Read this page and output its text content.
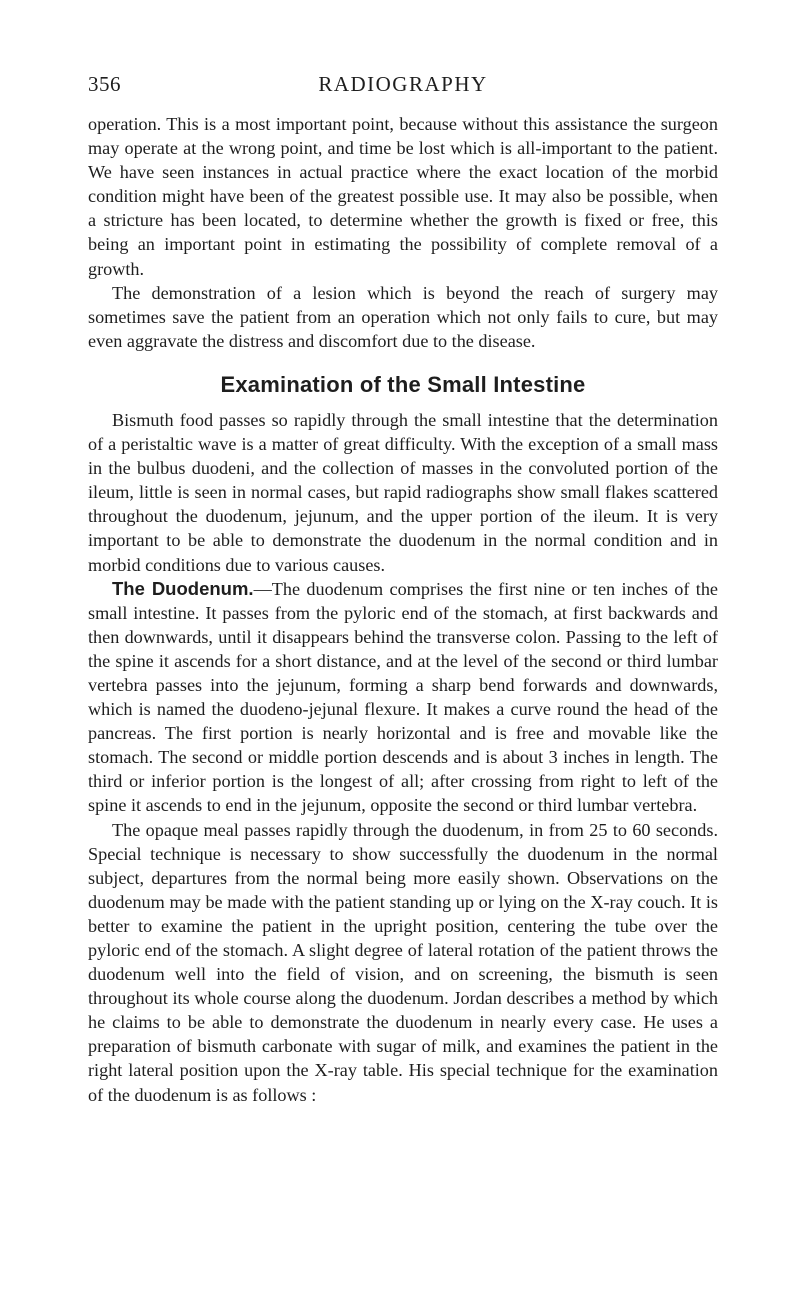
356	RADIOGRAPHY

operation. This is a most important point, because without this assistance the surgeon may operate at the wrong point, and time be lost which is all-important to the patient. We have seen instances in actual practice where the exact location of the morbid condition might have been of the greatest possible use. It may also be possible, when a stricture has been located, to determine whether the growth is fixed or free, this being an important point in estimating the possibility of complete removal of a growth.

The demonstration of a lesion which is beyond the reach of surgery may sometimes save the patient from an operation which not only fails to cure, but may even aggravate the distress and discomfort due to the disease.

Examination of the Small Intestine

Bismuth food passes so rapidly through the small intestine that the determination of a peristaltic wave is a matter of great difficulty. With the exception of a small mass in the bulbus duodeni, and the collection of masses in the convoluted portion of the ileum, little is seen in normal cases, but rapid radiographs show small flakes scattered throughout the duodenum, jejunum, and the upper portion of the ileum. It is very important to be able to demonstrate the duodenum in the normal condition and in morbid conditions due to various causes.

The Duodenum.—The duodenum comprises the first nine or ten inches of the small intestine. It passes from the pyloric end of the stomach, at first backwards and then downwards, until it disappears behind the transverse colon. Passing to the left of the spine it ascends for a short distance, and at the level of the second or third lumbar vertebra passes into the jejunum, forming a sharp bend forwards and downwards, which is named the duodeno-jejunal flexure. It makes a curve round the head of the pancreas. The first portion is nearly horizontal and is free and movable like the stomach. The second or middle portion descends and is about 3 inches in length. The third or inferior portion is the longest of all; after crossing from right to left of the spine it ascends to end in the jejunum, opposite the second or third lumbar vertebra.

The opaque meal passes rapidly through the duodenum, in from 25 to 60 seconds. Special technique is necessary to show successfully the duodenum in the normal subject, departures from the normal being more easily shown. Observations on the duodenum may be made with the patient standing up or lying on the X-ray couch. It is better to examine the patient in the upright position, centering the tube over the pyloric end of the stomach. A slight degree of lateral rotation of the patient throws the duodenum well into the field of vision, and on screening, the bismuth is seen throughout its whole course along the duodenum. Jordan describes a method by which he claims to be able to demonstrate the duodenum in nearly every case. He uses a preparation of bismuth carbonate with sugar of milk, and examines the patient in the right lateral position upon the X-ray table. His special technique for the examination of the duodenum is as follows :
